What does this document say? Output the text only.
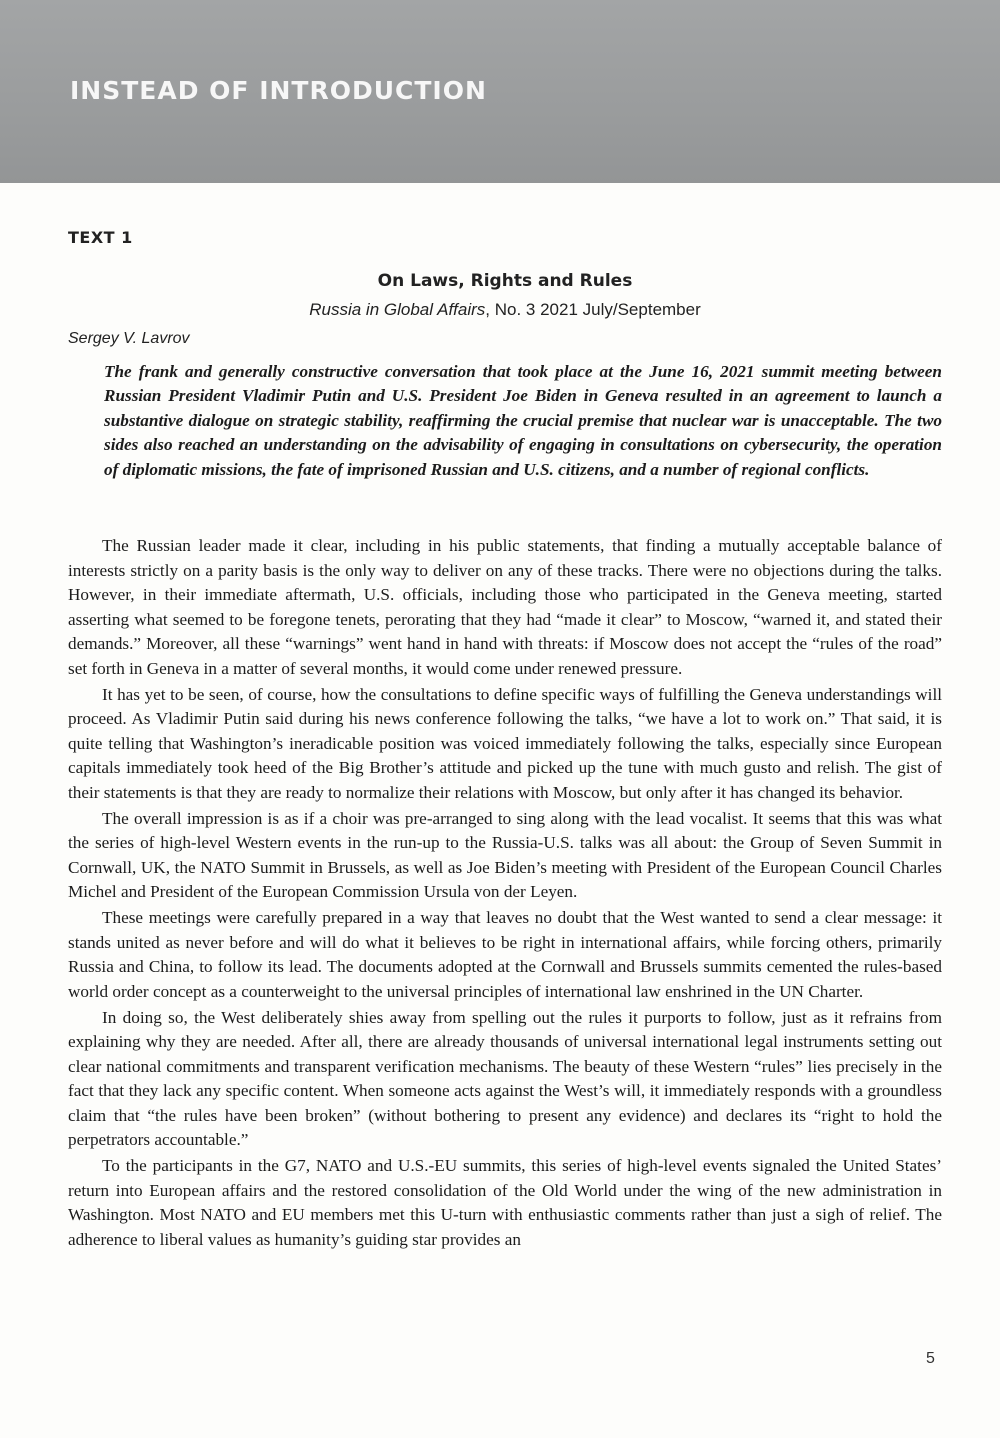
INSTEAD OF INTRODUCTION

TEXT 1

On Laws, Rights and Rules

Russia in Global Affairs, No. 3 2021 July/September

Sergey V. Lavrov

The frank and generally constructive conversation that took place at the June 16, 2021 summit meeting between Russian President Vladimir Putin and U.S. President Joe Biden in Geneva resulted in an agreement to launch a substantive dialogue on strategic stability, reaffirming the crucial premise that nuclear war is unacceptable. The two sides also reached an understanding on the advisability of engaging in consultations on cybersecurity, the operation of diplomatic missions, the fate of imprisoned Russian and U.S. citizens, and a number of regional conflicts.

The Russian leader made it clear, including in his public statements, that finding a mutually acceptable balance of interests strictly on a parity basis is the only way to deliver on any of these tracks. There were no objections during the talks. However, in their immediate aftermath, U.S. officials, including those who participated in the Geneva meeting, started asserting what seemed to be foregone tenets, perorating that they had “made it clear” to Moscow, “warned it, and stated their demands.” Moreover, all these “warnings” went hand in hand with threats: if Moscow does not accept the “rules of the road” set forth in Geneva in a matter of several months, it would come under renewed pressure.

It has yet to be seen, of course, how the consultations to define specific ways of fulfilling the Geneva understandings will proceed. As Vladimir Putin said during his news conference following the talks, “we have a lot to work on.” That said, it is quite telling that Washington’s ineradicable position was voiced immediately following the talks, especially since European capitals immediately took heed of the Big Brother’s attitude and picked up the tune with much gusto and relish. The gist of their statements is that they are ready to normalize their relations with Moscow, but only after it has changed its behavior.

The overall impression is as if a choir was pre-arranged to sing along with the lead vocalist. It seems that this was what the series of high-level Western events in the run-up to the Russia-U.S. talks was all about: the Group of Seven Summit in Cornwall, UK, the NATO Summit in Brussels, as well as Joe Biden’s meeting with President of the European Council Charles Michel and President of the European Commission Ursula von der Leyen.

These meetings were carefully prepared in a way that leaves no doubt that the West wanted to send a clear message: it stands united as never before and will do what it believes to be right in international affairs, while forcing others, primarily Russia and China, to follow its lead. The documents adopted at the Cornwall and Brussels summits cemented the rules-based world order concept as a counterweight to the universal principles of international law enshrined in the UN Charter.

In doing so, the West deliberately shies away from spelling out the rules it purports to follow, just as it refrains from explaining why they are needed. After all, there are already thousands of universal international legal instruments setting out clear national commitments and transparent verification mechanisms. The beauty of these Western “rules” lies precisely in the fact that they lack any specific content. When someone acts against the West’s will, it immediately responds with a groundless claim that “the rules have been broken” (without bothering to present any evidence) and declares its “right to hold the perpetrators accountable.”

To the participants in the G7, NATO and U.S.-EU summits, this series of high-level events signaled the United States’ return into European affairs and the restored consolidation of the Old World under the wing of the new administration in Washington. Most NATO and EU members met this U-turn with enthusiastic comments rather than just a sigh of relief. The adherence to liberal values as humanity’s guiding star provides an

5
